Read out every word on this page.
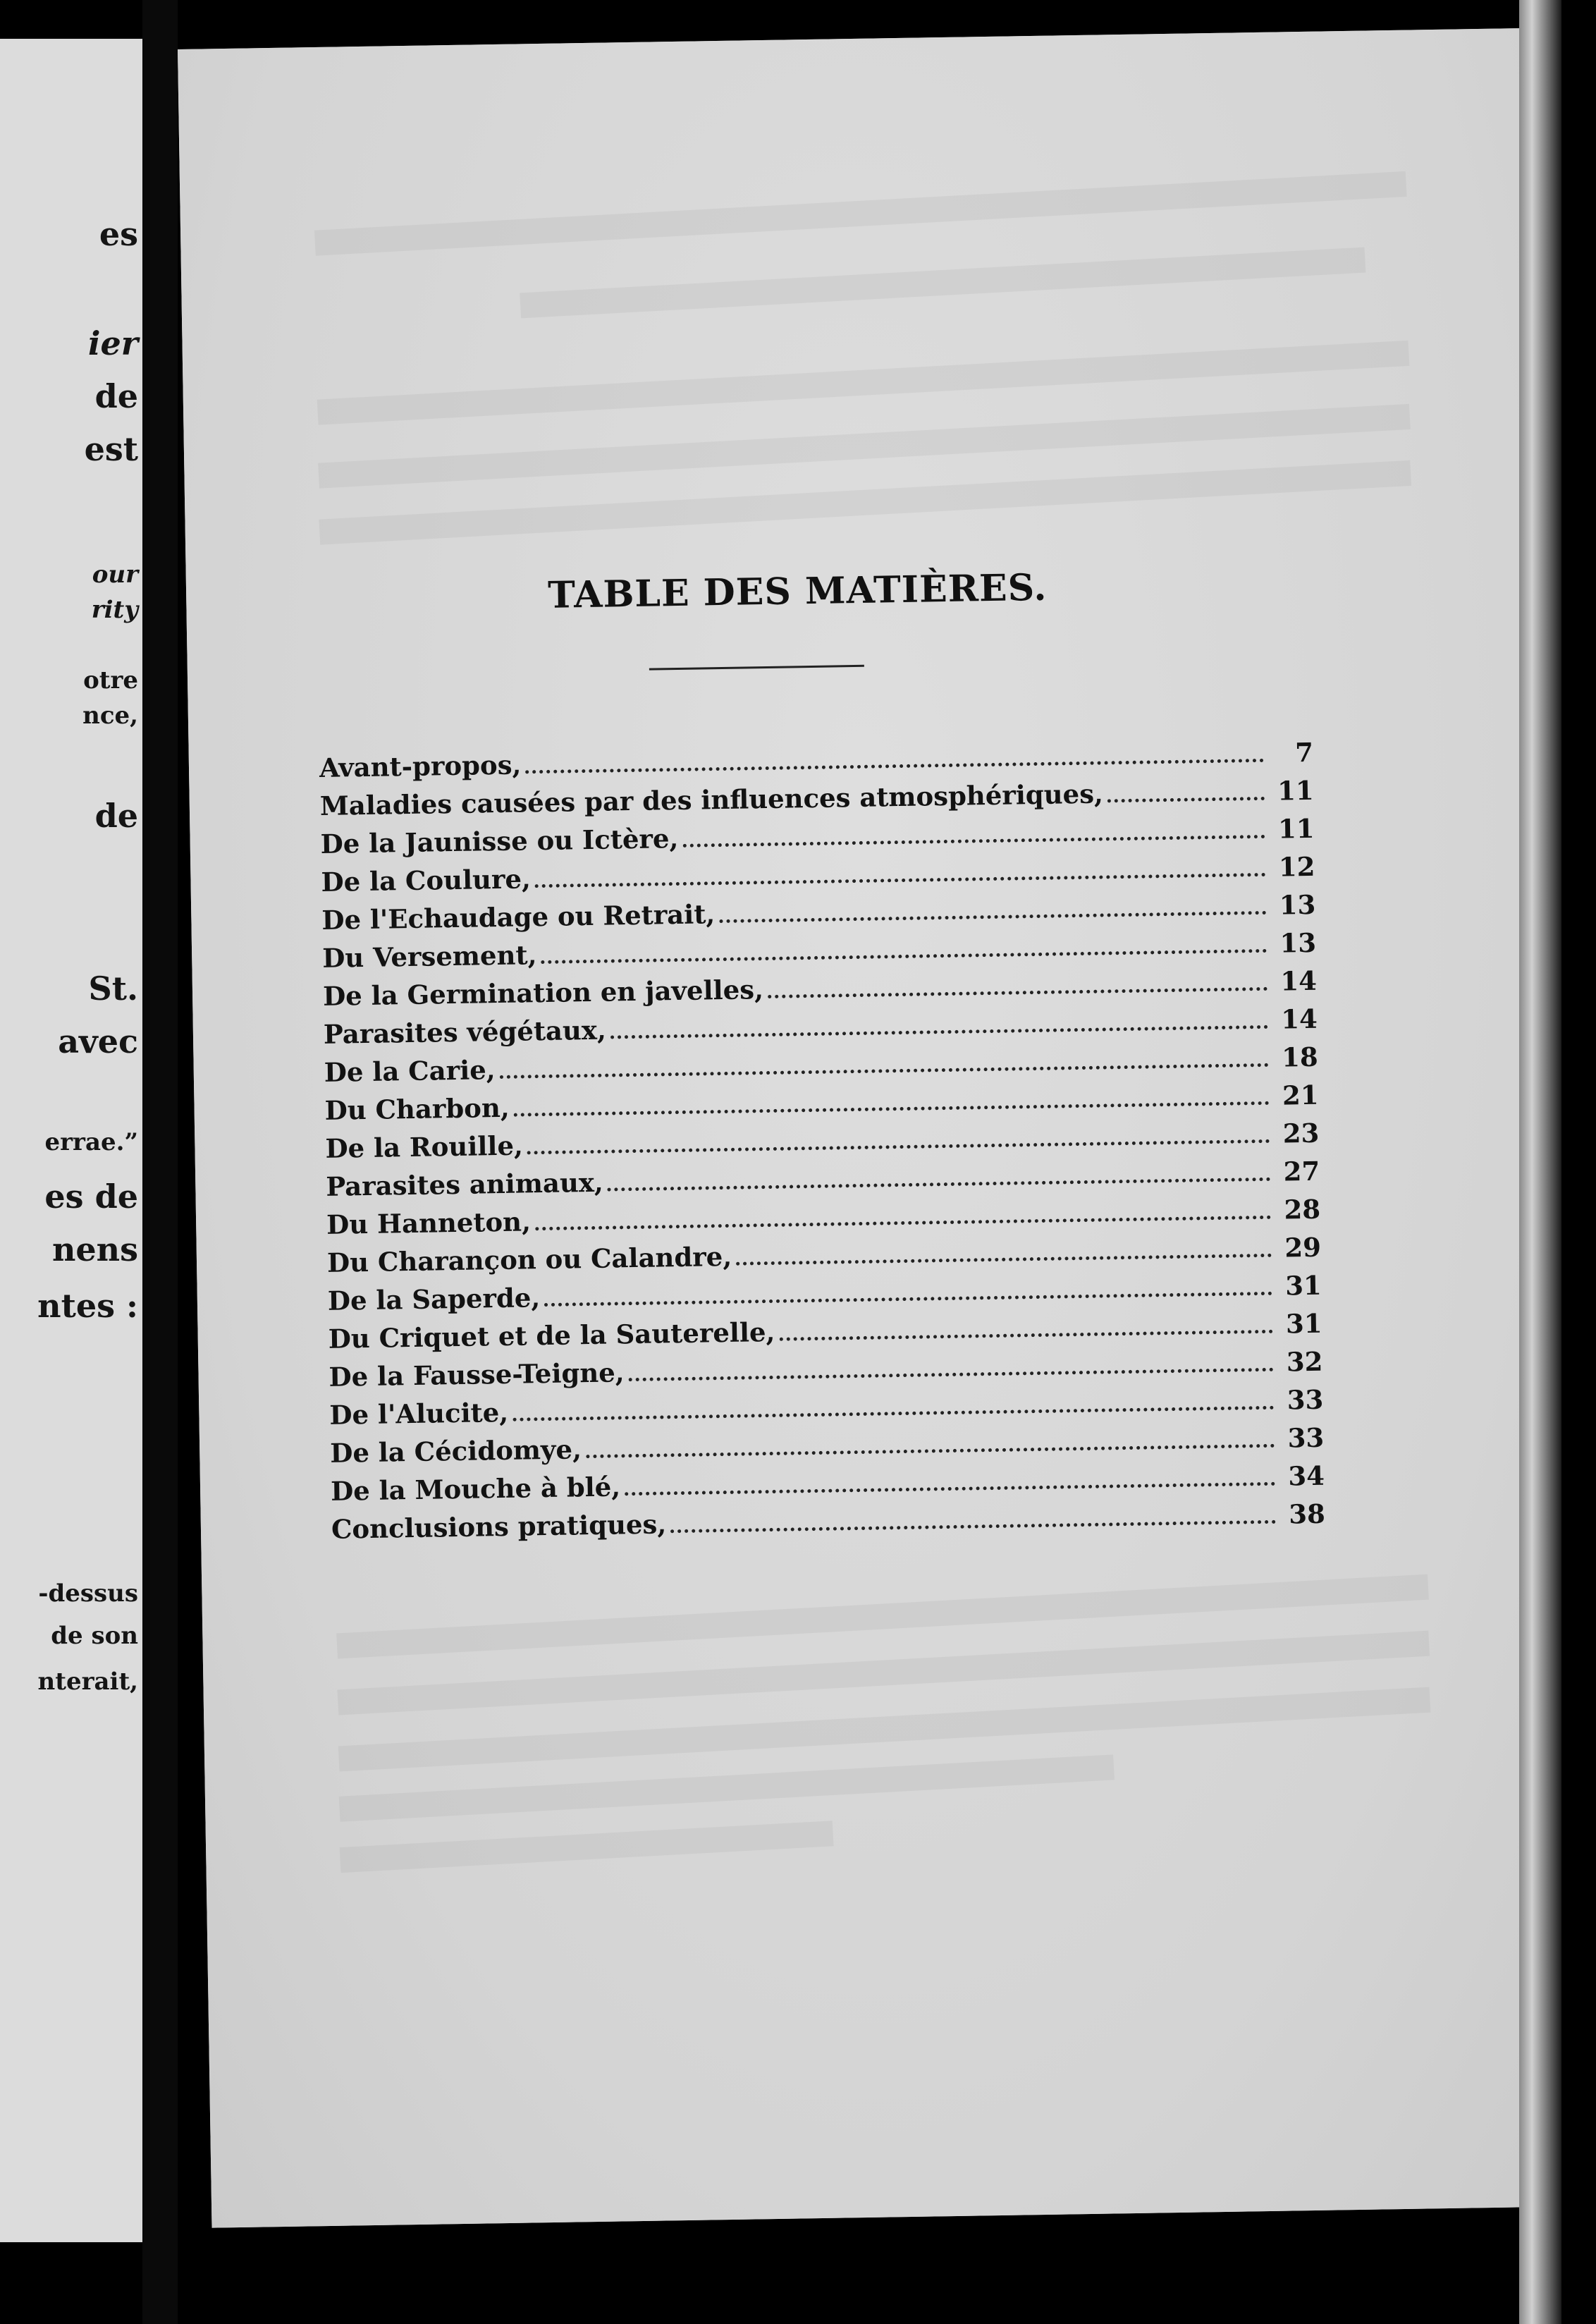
es
ier
de
est
our
rity
otre
nce,
de
St.
avec
errae.”
es de
nens
ntes :
-dessus
de son
nterait,
TABLE DES MATIÈRES.
Avant-propos,	7
Maladies causées par des influences atmosphériques,	11
De la Jaunisse ou Ictère,	11
De la Coulure,	12
De l'Echaudage ou Retrait,	13
Du Versement,	13
De la Germination en javelles,	14
Parasites végétaux,	14
De la Carie,	18
Du Charbon,	21
De la Rouille,	23
Parasites animaux,	27
Du Hanneton,	28
Du Charançon ou Calandre,	29
De la Saperde,	31
Du Criquet et de la Sauterelle,	31
De la Fausse-Teigne,	32
De l'Alucite,	33
De la Cécidomye,	33
De la Mouche à blé,	34
Conclusions pratiques,	38
